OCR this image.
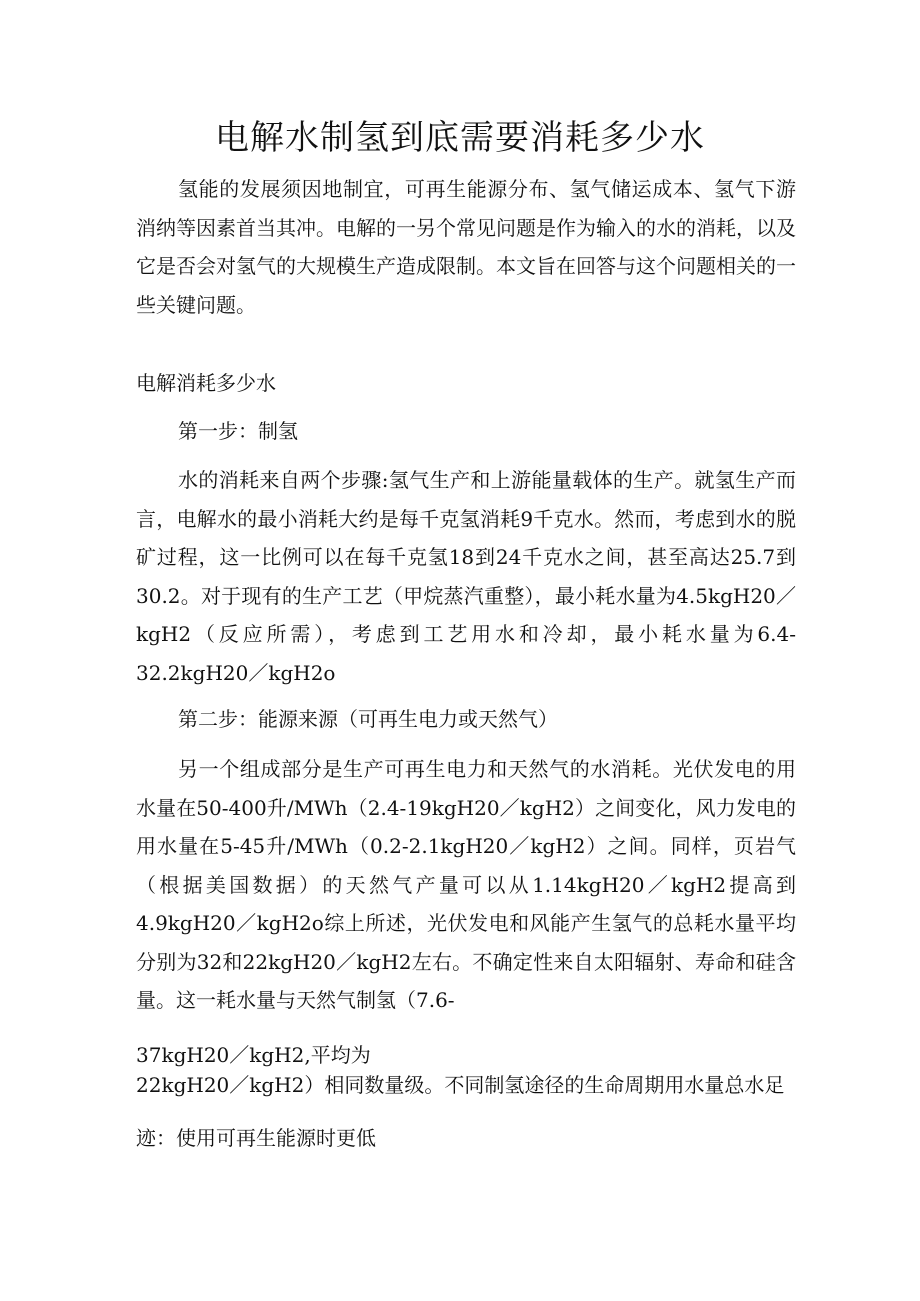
电解水制氢到底需要消耗多少水

氢能的发展须因地制宜，可再生能源分布、氢气储运成本、氢气下游消纳等因素首当其冲。电解的一另个常见问题是作为输入的水的消耗，以及它是否会对氢气的大规模生产造成限制。本文旨在回答与这个问题相关的一些关键问题。

电解消耗多少水

第一步：制氢

水的消耗来自两个步骤:氢气生产和上游能量载体的生产。就氢生产而言，电解水的最小消耗大约是每千克氢消耗9千克水。然而，考虑到水的脱矿过程，这一比例可以在每千克氢18到24千克水之间，甚至高达25.7到30.2。对于现有的生产工艺（甲烷蒸汽重整），最小耗水量为4.5kgH20／kgH2（反应所需），考虑到工艺用水和冷却，最小耗水量为6.4-32.2kgH20／kgH2o

第二步：能源来源（可再生电力或天然气）

另一个组成部分是生产可再生电力和天然气的水消耗。光伏发电的用水量在50-400升/MWh（2.4-19kgH20／kgH2）之间变化，风力发电的用水量在5-45升/MWh（0.2-2.1kgH20／kgH2）之间。同样，页岩气（根据美国数据）的天然气产量可以从1.14kgH20／kgH2提高到4.9kgH20／kgH2o综上所述，光伏发电和风能产生氢气的总耗水量平均分别为32和22kgH20／kgH2左右。不确定性来自太阳辐射、寿命和硅含量。这一耗水量与天然气制氢（7.6-

37kgH20／kgH2,平均为

22kgH20／kgH2）相同数量级。不同制氢途径的生命周期用水量总水足

迹：使用可再生能源时更低
